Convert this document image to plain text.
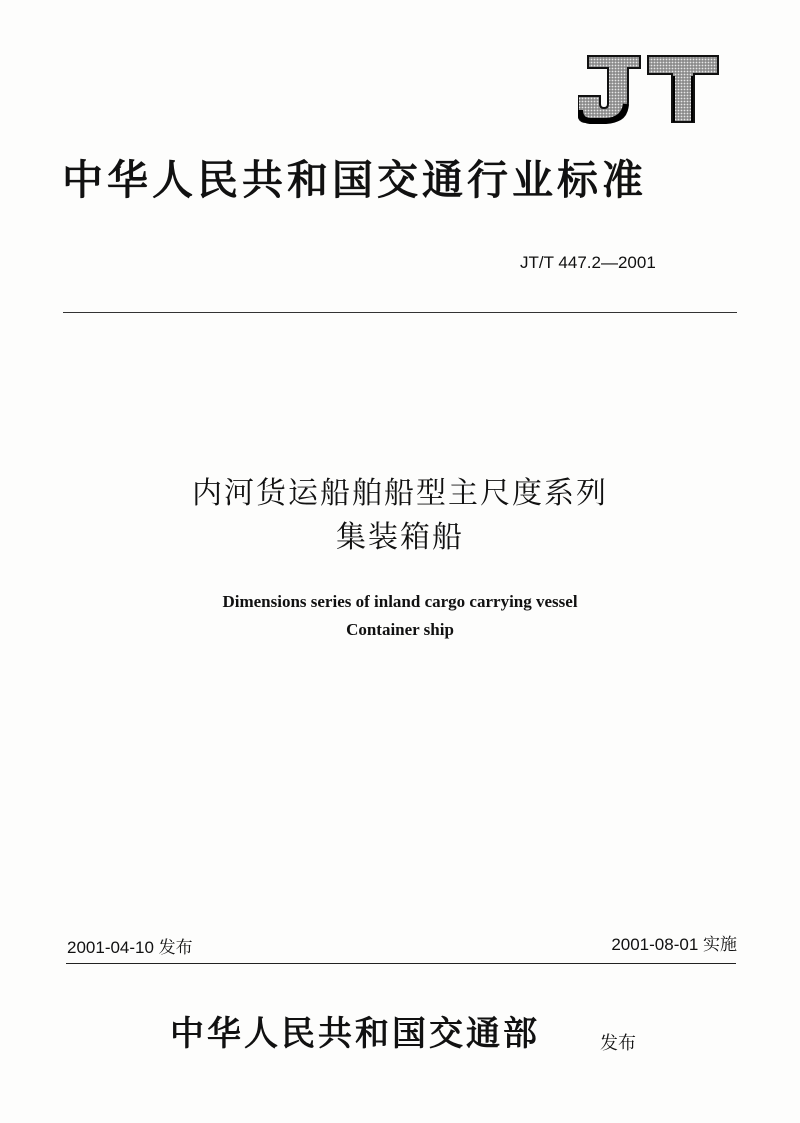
中华人民共和国交通行业标准
JT/T 447.2—2001
内河货运船舶船型主尺度系列
集装箱船
Dimensions series of inland cargo carrying vessel
Container ship
2001-04-10 发布	2001-08-01 实施
中华人民共和国交通部	发布
